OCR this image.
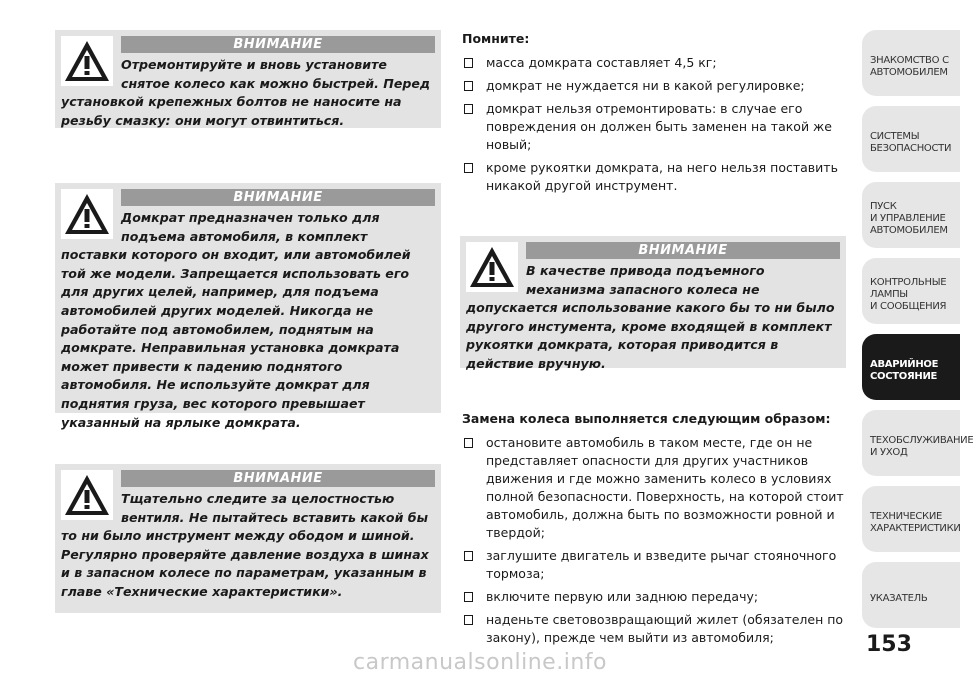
ВНИМАНИЕ
Отремонтируйте и вновь установите снятое колесо как можно быстрей. Перед установкой крепежных болтов не наносите на резьбу смазку: они могут отвинтиться.
ВНИМАНИЕ
Домкрат предназначен только для подъема автомобиля, в комплект поставки которого он входит, или автомобилей той же модели. Запрещается использовать его для других целей, например, для подъема автомобилей других моделей. Никогда не работайте под автомобилем, поднятым на домкрате. Неправильная установка домкрата может привести к падению поднятого автомобиля. Не используйте домкрат для поднятия груза, вес которого превышает указанный на ярлыке домкрата.
ВНИМАНИЕ
Тщательно следите за целостностью вентиля. Не пытайтесь вставить какой бы то ни было инструмент между ободом и шиной. Регулярно проверяйте давление воздуха в шинах и в запасном колесе по параметрам, указанным в главе «Технические характеристики».
Помните:
масса домкрата составляет 4,5 кг;
домкрат не нуждается ни в какой регулировке;
домкрат нельзя отремонтировать: в случае его повреждения он должен быть заменен на такой же новый;
кроме рукоятки домкрата, на него нельзя поставить никакой другой инструмент.
ВНИМАНИЕ
В качестве привода подъемного механизма запасного колеса не допускается использование какого бы то ни было другого инстумента, кроме входящей в комплект рукоятки домкрата, которая приводится в действие вручную.
Замена колеса выполняется следующим образом:
остановите автомобиль в таком месте, где он не представляет опасности для других участников движения и где можно заменить колесо в условиях полной безопасности. Поверхность, на которой стоит автомобиль, должна быть по возможности ровной и твердой;
заглушите двигатель и взведите рычаг стояночного тормоза;
включите первую или заднюю передачу;
наденьте световозвращающий жилет (обязателен по закону), прежде чем выйти из автомобиля;
ЗНАКОМСТВО С
АВТОМОБИЛЕМ
СИСТЕМЫ
БЕЗОПАСНОСТИ
ПУСК
И УПРАВЛЕНИЕ
АВТОМОБИЛЕМ
КОНТРОЛЬНЫЕ
ЛАМПЫ
И СООБЩЕНИЯ
АВАРИЙНОЕ
СОСТОЯНИЕ
ТЕХОБСЛУЖИВАНИЕ
И УХОД
ТЕХНИЧЕСКИЕ
ХАРАКТЕРИСТИКИ
УКАЗАТЕЛЬ
153
carmanualsonline.info
